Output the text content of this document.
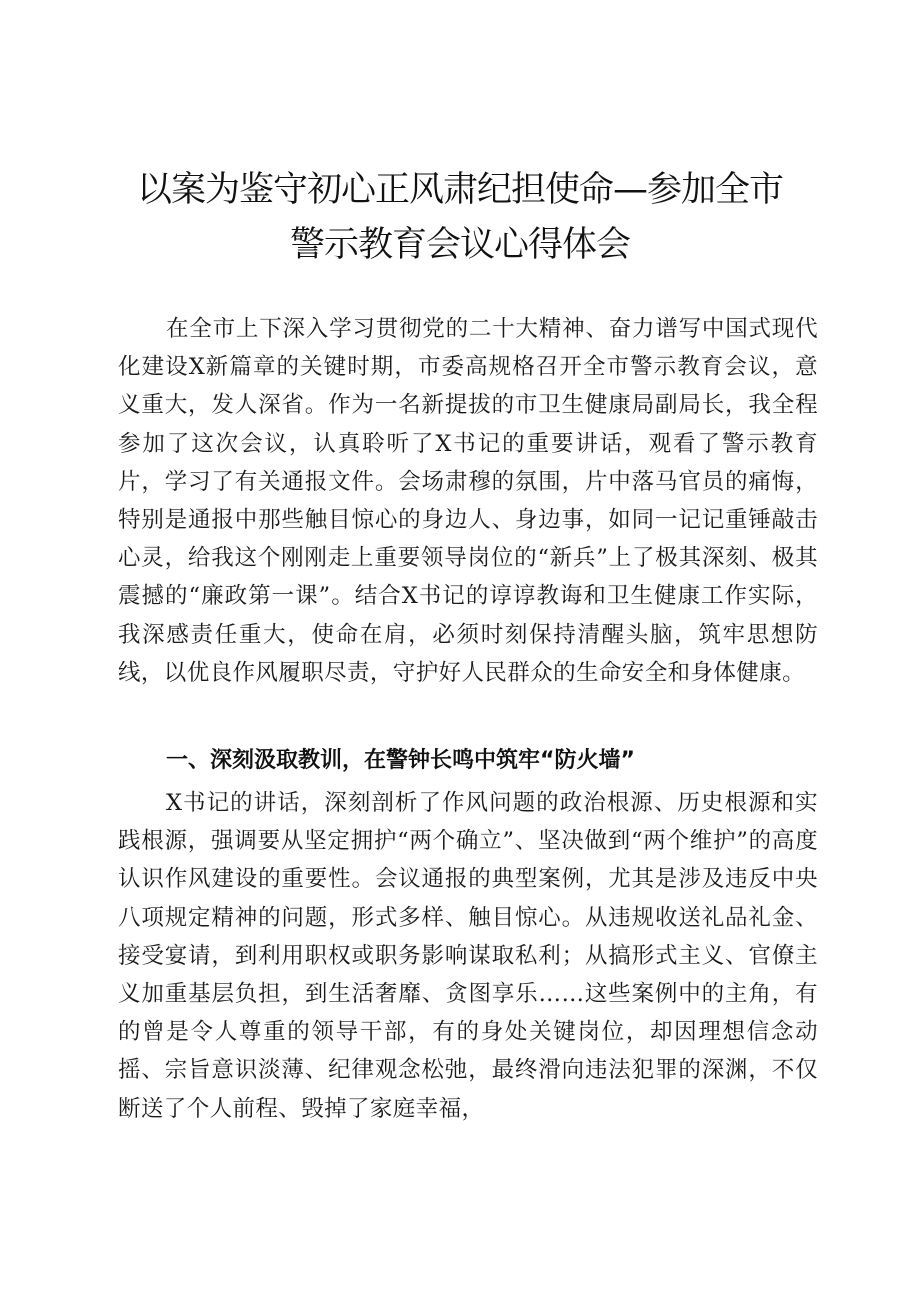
以案为鉴守初心正风肃纪担使命—参加全市
警示教育会议心得体会

在全市上下深入学习贯彻党的二十大精神、奋力谱写中国式现代化建设X新篇章的关键时期，市委高规格召开全市警示教育会议，意义重大，发人深省。作为一名新提拔的市卫生健康局副局长，我全程参加了这次会议，认真聆听了X书记的重要讲话，观看了警示教育片，学习了有关通报文件。会场肃穆的氛围，片中落马官员的痛悔，特别是通报中那些触目惊心的身边人、身边事，如同一记记重锤敲击心灵，给我这个刚刚走上重要领导岗位的“新兵”上了极其深刻、极其震撼的“廉政第一课”。结合X书记的谆谆教诲和卫生健康工作实际，我深感责任重大，使命在肩，必须时刻保持清醒头脑，筑牢思想防线，以优良作风履职尽责，守护好人民群众的生命安全和身体健康。

一、深刻汲取教训，在警钟长鸣中筑牢“防火墙”

X书记的讲话，深刻剖析了作风问题的政治根源、历史根源和实践根源，强调要从坚定拥护“两个确立”、坚决做到“两个维护”的高度认识作风建设的重要性。会议通报的典型案例，尤其是涉及违反中央八项规定精神的问题，形式多样、触目惊心。从违规收送礼品礼金、接受宴请，到利用职权或职务影响谋取私利；从搞形式主义、官僚主义加重基层负担，到生活奢靡、贪图享乐……这些案例中的主角，有的曾是令人尊重的领导干部，有的身处关键岗位，却因理想信念动摇、宗旨意识淡薄、纪律观念松弛，最终滑向违法犯罪的深渊，不仅断送了个人前程、毁掉了家庭幸福，
